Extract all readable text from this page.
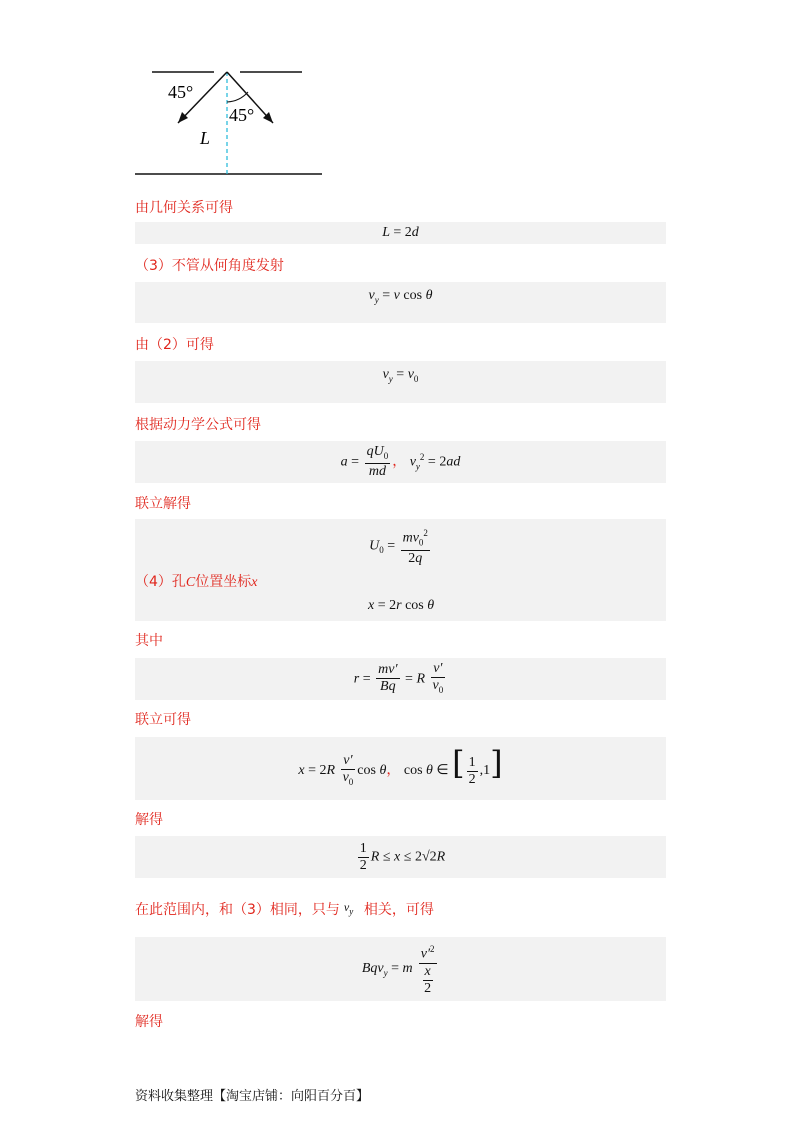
45°
45°
L
由几何关系可得
L = 2d
（3）不管从何角度发射
$v_y = v$ cos θ
由（2）可得
$v_y = v_0$
根据动力学公式可得
$a = \frac{qU_0}{md}$ ， $v_y^2 = 2ad$
联立解得
$U_0 = \frac{mv_0^2}{2q}$
（4）孔C位置坐标x
x = 2r cos θ
其中
$r = \frac{mv'}{Bq} = R \frac{v'}{v_0}$
联立可得
$x = 2R \frac{v'}{v_0}$ cos θ， cos θ ∈ [ $\frac{1}{2} ,1$]
解得
$\frac{1}{2}$ R ≤ x ≤ 2√2R
在此范围内，和（3）相同，只与 $v_y$ 相关，可得
Bqv$_y$ = m $\frac{v'^2}{\frac{x}{2}}$
解得
资料收集整理【淘宝店铺：向阳百分百】
